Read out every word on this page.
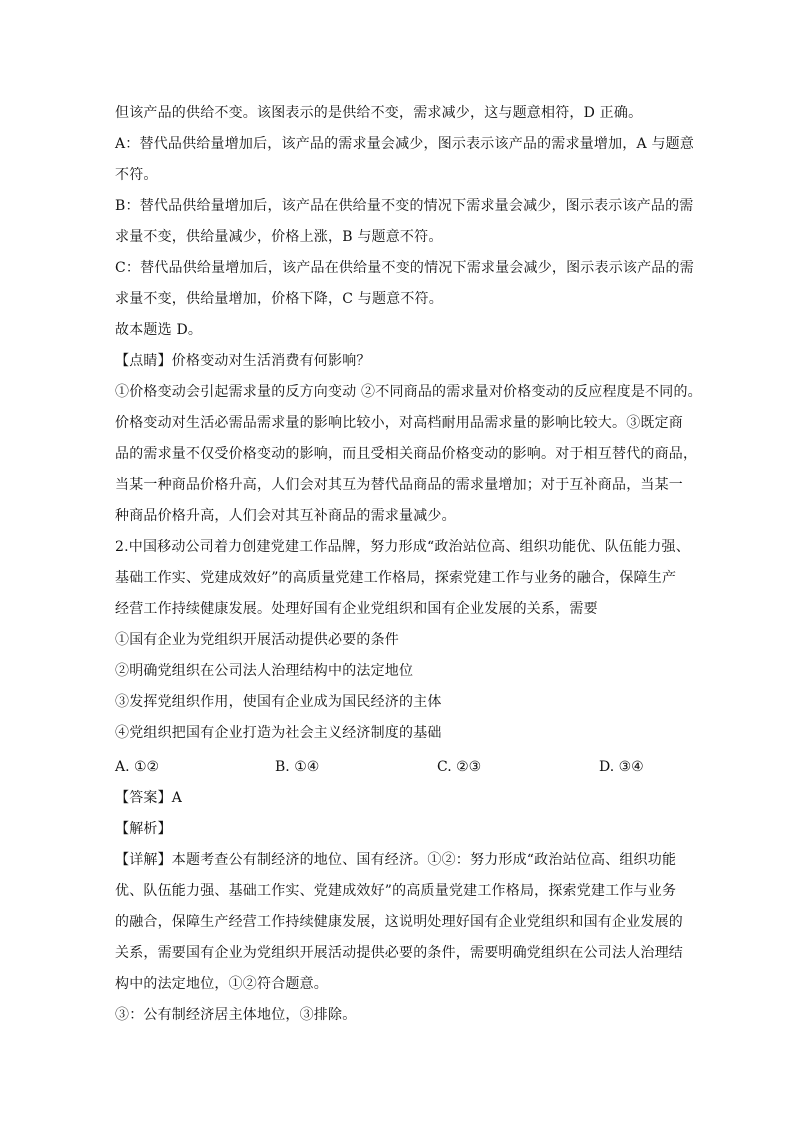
但该产品的供给不变。该图表示的是供给不变，需求减少，这与题意相符，D 正确。
A：替代品供给量增加后，该产品的需求量会减少，图示表示该产品的需求量增加，A 与题意
不符。
B：替代品供给量增加后，该产品在供给量不变的情况下需求量会减少，图示表示该产品的需
求量不变，供给量减少，价格上涨，B 与题意不符。
C：替代品供给量增加后，该产品在供给量不变的情况下需求量会减少，图示表示该产品的需
求量不变，供给量增加，价格下降，C 与题意不符。
故本题选 D。
【点睛】价格变动对生活消费有何影响？
①价格变动会引起需求量的反方向变动 ②不同商品的需求量对价格变动的反应程度是不同的。
价格变动对生活必需品需求量的影响比较小，对高档耐用品需求量的影响比较大。③既定商
品的需求量不仅受价格变动的影响，而且受相关商品价格变动的影响。对于相互替代的商品，
当某一种商品价格升高，人们会对其互为替代品商品的需求量增加；对于互补商品，当某一
种商品价格升高，人们会对其互补商品的需求量减少。
2.中国移动公司着力创建党建工作品牌，努力形成“政治站位高、组织功能优、队伍能力强、
基础工作实、党建成效好”的高质量党建工作格局，探索党建工作与业务的融合，保障生产
经营工作持续健康发展。处理好国有企业党组织和国有企业发展的关系，需要
①国有企业为党组织开展活动提供必要的条件
②明确党组织在公司法人治理结构中的法定地位
③发挥党组织作用，使国有企业成为国民经济的主体
④党组织把国有企业打造为社会主义经济制度的基础
A. ①②	B. ①④	C. ②③	D. ③④
【答案】A
【解析】
【详解】本题考查公有制经济的地位、国有经济。①②：努力形成“政治站位高、组织功能
优、队伍能力强、基础工作实、党建成效好”的高质量党建工作格局，探索党建工作与业务
的融合，保障生产经营工作持续健康发展，这说明处理好国有企业党组织和国有企业发展的
关系，需要国有企业为党组织开展活动提供必要的条件，需要明确党组织在公司法人治理结
构中的法定地位，①②符合题意。
③：公有制经济居主体地位，③排除。
